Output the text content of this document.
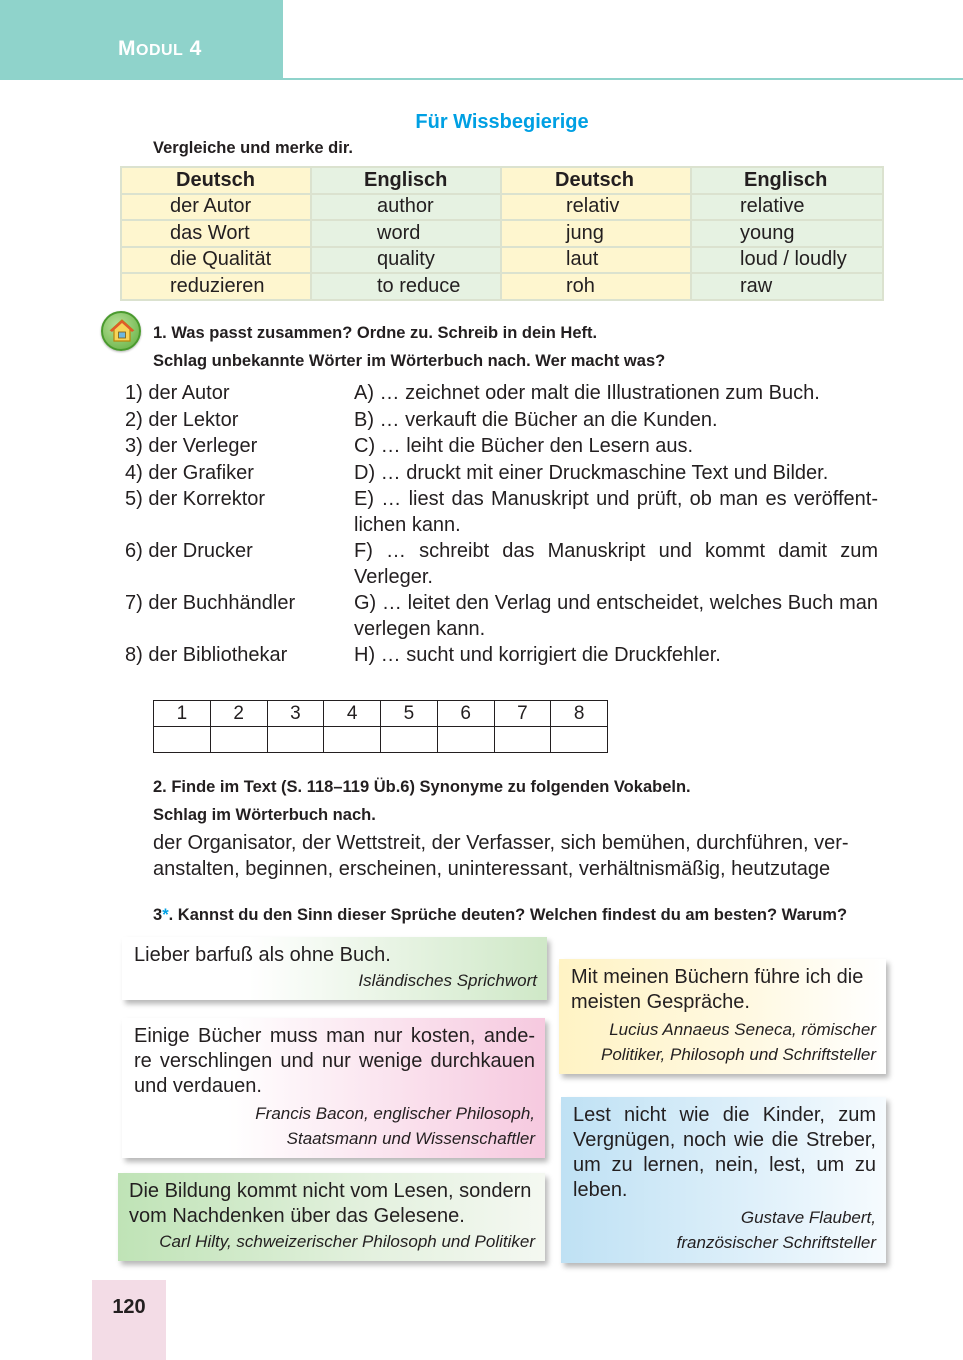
MODUL 4
Für Wissbegierige
Vergleiche und merke dir.
Deutsch	Englisch	Deutsch	Englisch
der Autor	author	relativ	relative
das Wort	word	jung	young
die Qualität	quality	laut	loud / loudly
reduzieren	to reduce	roh	raw
1. Was passt zusammen? Ordne zu. Schreib in dein Heft.
Schlag unbekannte Wörter im Wörterbuch nach. Wer macht was?
1) der Autor	A) … zeichnet oder malt die Illustrationen zum Buch.
2) der Lektor	B) … verkauft die Bücher an die Kunden.
3) der Verleger	C) … leiht die Bücher den Lesern aus.
4) der Grafiker	D) … druckt mit einer Druckmaschine Text und Bilder.
5) der Korrektor	E) … liest das Manuskript und prüft, ob man es veröffent-lichen kann.
6) der Drucker	F) … schreibt das Manuskript und kommt damit zum Verleger.
7) der Buchhändler	G) … leitet den Verlag und entscheidet, welches Buch man verlegen kann.
8) der Bibliothekar	H) … sucht und korrigiert die Druckfehler.
1	2	3	4	5	6	7	8

2. Finde im Text (S. 118–119 Üb.6) Synonyme zu folgenden Vokabeln.
Schlag im Wörterbuch nach.
der Organisator, der Wettstreit, der Verfasser, sich bemühen, durchführen, ver-anstalten, beginnen, erscheinen, uninteressant, verhältnismäßig, heutzutage
3*. Kannst du den Sinn dieser Sprüche deuten? Welchen findest du am besten? Warum?
Lieber barfuß als ohne Buch.
Isländisches Sprichwort
Einige Bücher muss man nur kosten, ande-re verschlingen und nur wenige durchkauen und verdauen.
Francis Bacon, englischer Philosoph,
Staatsmann und Wissenschaftler
Die Bildung kommt nicht vom Lesen, sondern vom Nachdenken über das Gelesene.
Carl Hilty, schweizerischer Philosoph und Politiker
Mit meinen Büchern führe ich die meisten Gespräche.
Lucius Annaeus Seneca, römischer
Politiker, Philosoph und Schriftsteller
Lest nicht wie die Kinder, zum Vergnügen, noch wie die Streber, um zu lernen, nein, lest, um zu leben.
Gustave Flaubert,
französischer Schriftsteller
120
